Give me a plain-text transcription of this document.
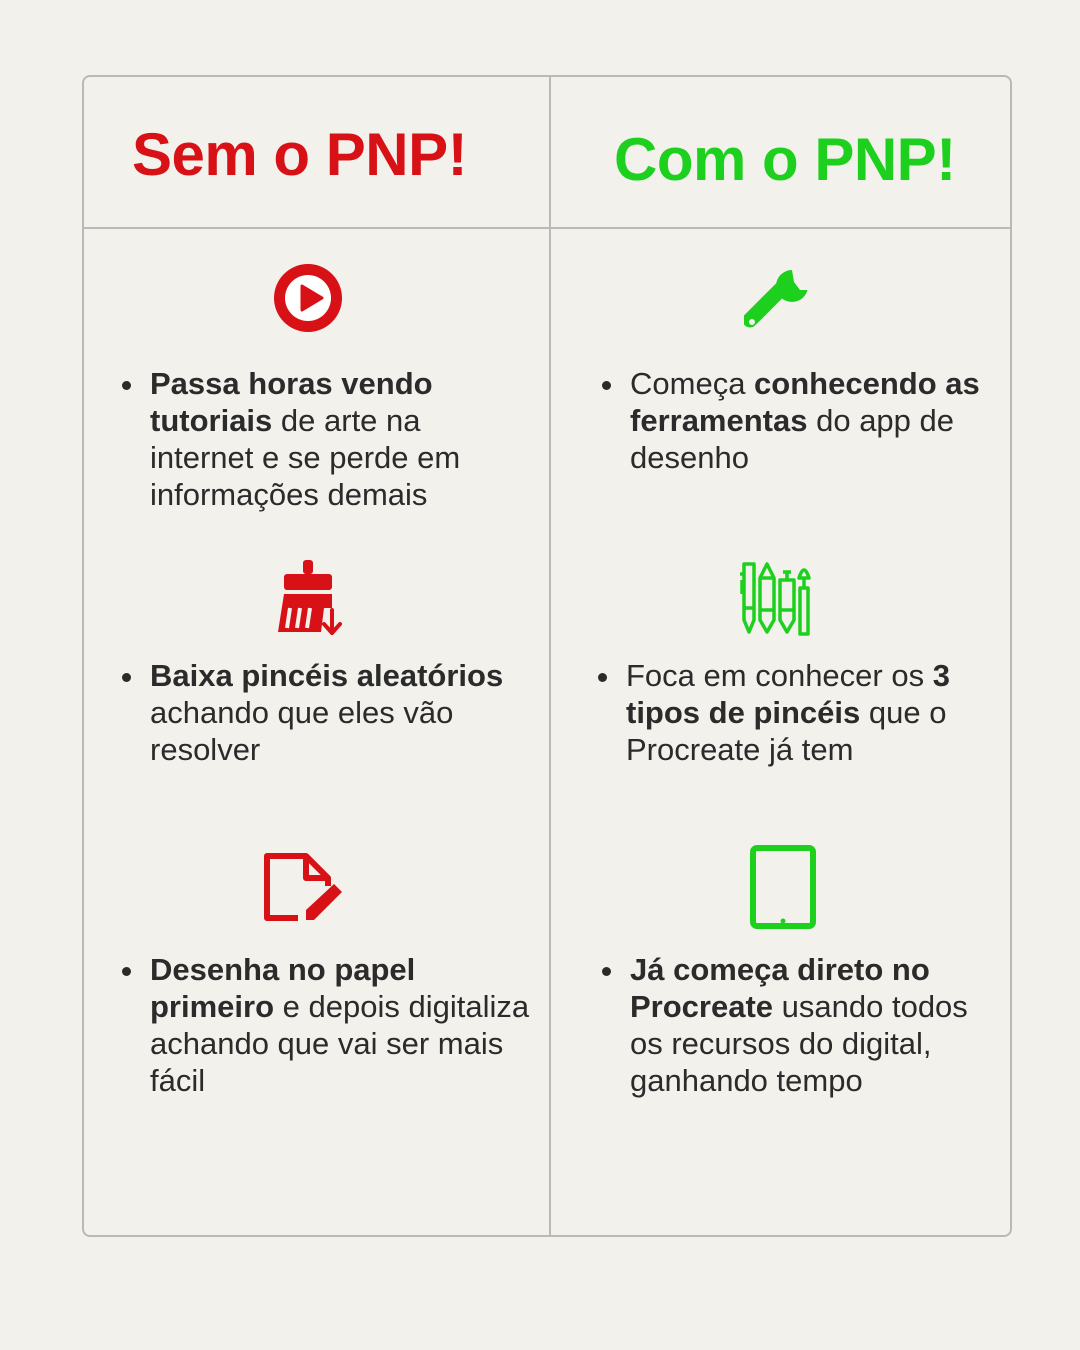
Sem o PNP! Com o PNP!
Passa horas vendo tutoriais de arte na internet e se perde em informações demais
Baixa pincéis aleatórios achando que eles vão resolver
Desenha no papel primeiro e depois digitaliza achando que vai ser mais fácil
Começa conhecendo as ferramentas do app de desenho
Foca em conhecer os 3 tipos de pincéis que o Procreate já tem
Já começa direto no Procreate usando todos os recursos do digital, ganhando tempo
